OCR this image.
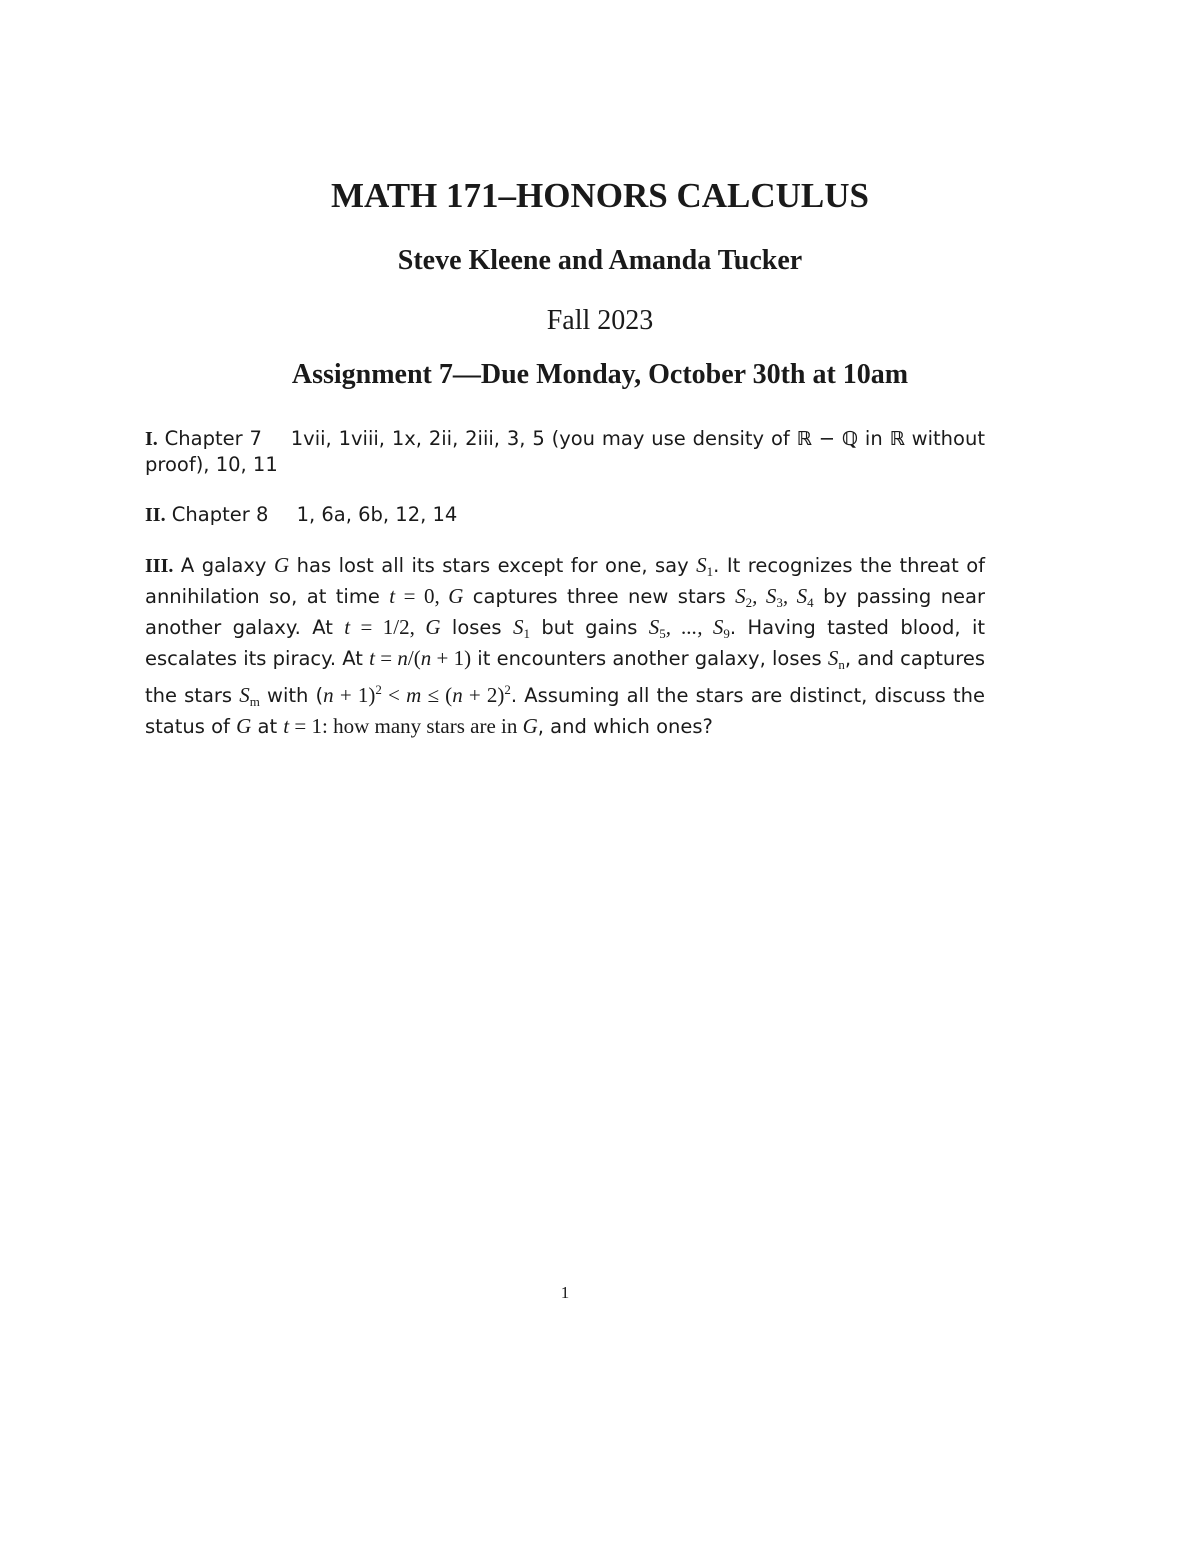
MATH 171–HONORS CALCULUS
Steve Kleene and Amanda Tucker
Fall 2023
Assignment 7—Due Monday, October 30th at 10am
I. Chapter 7 1vii, 1viii, 1x, 2ii, 2iii, 3, 5 (you may use density of ℝ − ℚ in ℝ without proof), 10, 11
II. Chapter 8 1, 6a, 6b, 12, 14
III. A galaxy G has lost all its stars except for one, say $S_1$. It recognizes the threat of annihilation so, at time t = 0, G captures three new stars $S_2$, $S_3$, $S_4$ by passing near another galaxy. At t = 1/2, G loses $S_1$ but gains $S_5$, ..., $S_9$. Having tasted blood, it escalates its piracy. At t = n/(n + 1) it encounters another galaxy, loses $S_n$, and captures the stars $S_m$ with $(n + 1)^2 < m \le (n + 2)^2$. Assuming all the stars are distinct, discuss the status of G at t = 1: how many stars are in G, and which ones?
1
